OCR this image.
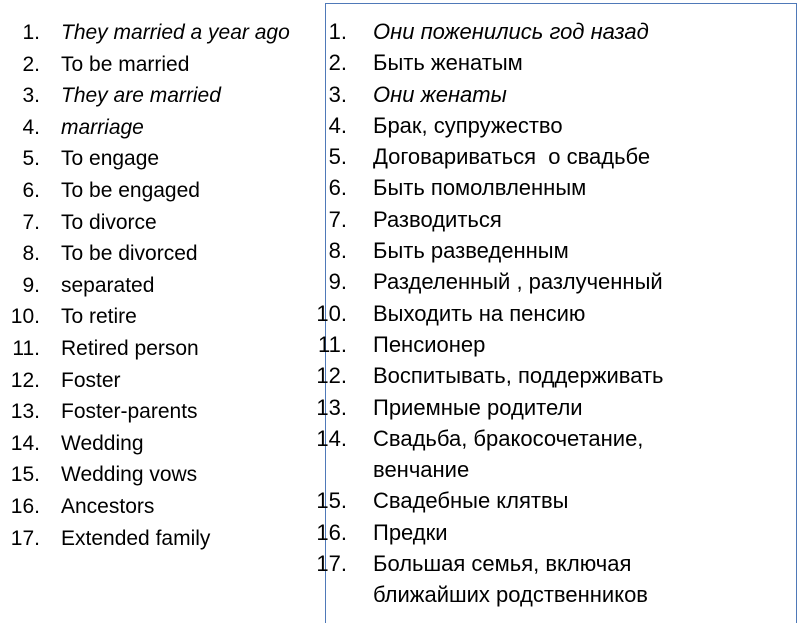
1. They married a year ago
2. To be married
3. They are married
4. marriage
5. To engage
6. To be engaged
7. To divorce
8. To be divorced
9. separated
10. To retire
11. Retired person
12. Foster
13. Foster-parents
14. Wedding
15. Wedding vows
16. Ancestors
17. Extended family
1. Они поженились год назад
2. Быть женатым
3. Они женаты
4. Брак, супружество
5. Договариваться  о свадьбе
6. Быть помолвленным
7. Разводиться
8. Быть разведенным
9. Разделенный , разлученный
10. Выходить на пенсию
11. Пенсионер
12. Воспитывать, поддерживать
13. Приемные родители
14. Свадьба, бракосочетание, венчание
15. Свадебные клятвы
16. Предки
17. Большая семья, включая ближайших родственников
